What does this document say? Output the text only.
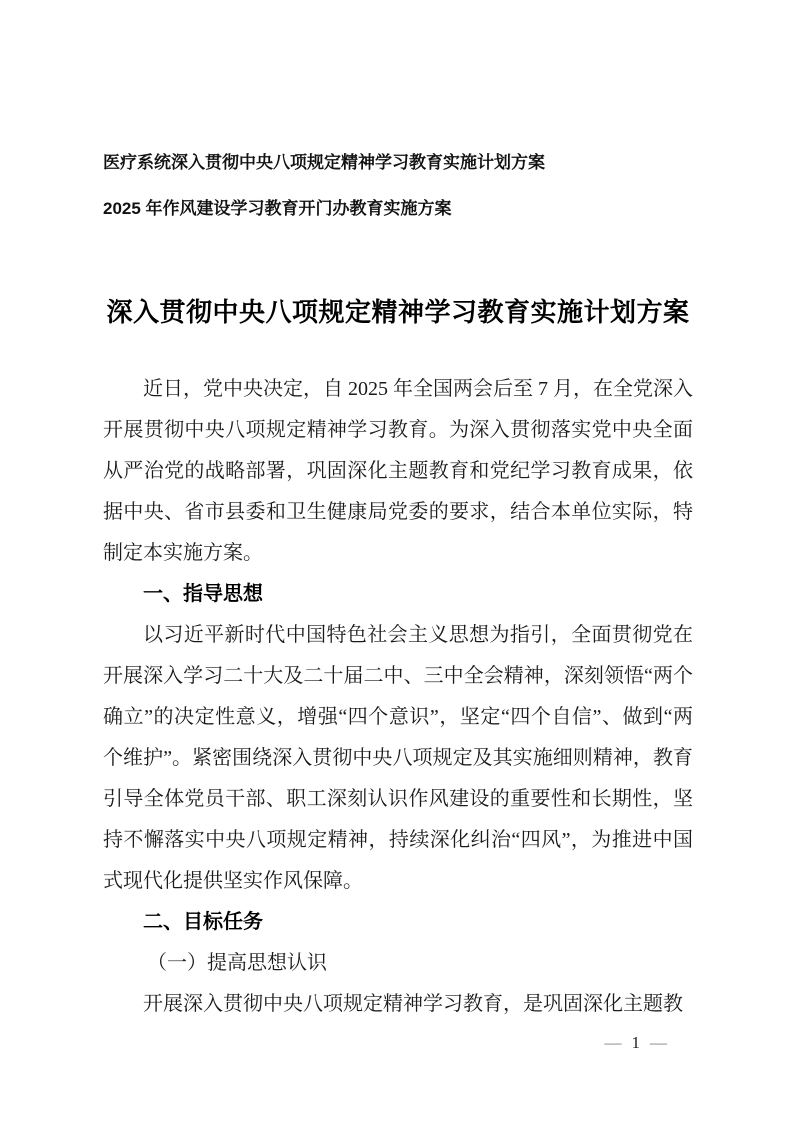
医疗系统深入贯彻中央八项规定精神学习教育实施计划方案
2025 年作风建设学习教育开门办教育实施方案
深入贯彻中央八项规定精神学习教育实施计划方案

近日，党中央决定，自 2025 年全国两会后至 7 月，在全党深入开展贯彻中央八项规定精神学习教育。为深入贯彻落实党中央全面从严治党的战略部署，巩固深化主题教育和党纪学习教育成果，依据中央、省市县委和卫生健康局党委的要求，结合本单位实际，特制定本实施方案。

一、指导思想

以习近平新时代中国特色社会主义思想为指引，全面贯彻党在开展深入学习二十大及二十届二中、三中全会精神，深刻领悟“两个确立”的决定性意义，增强“四个意识”，坚定“四个自信”、做到“两个维护”。紧密围绕深入贯彻中央八项规定及其实施细则精神，教育引导全体党员干部、职工深刻认识作风建设的重要性和长期性，坚持不懈落实中央八项规定精神，持续深化纠治“四风”，为推进中国式现代化提供坚实作风保障。

二、目标任务
（一）提高思想认识

开展深入贯彻中央八项规定精神学习教育，是巩固深化主题教

— 1 —
